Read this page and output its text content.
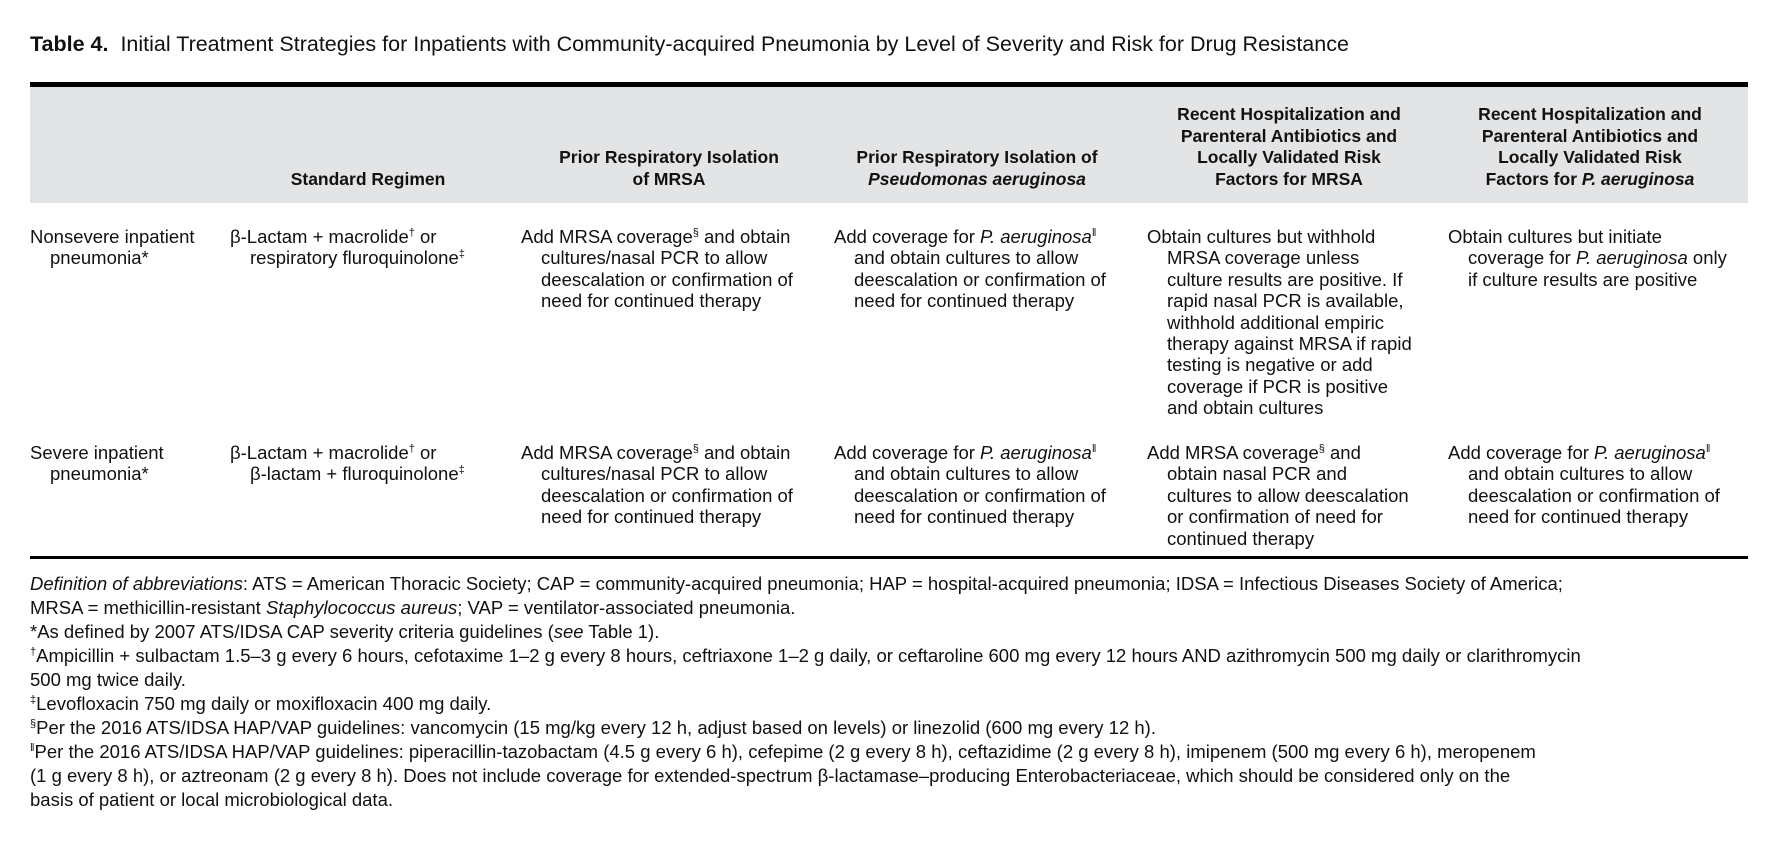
Table 4. Initial Treatment Strategies for Inpatients with Community-acquired Pneumonia by Level of Severity and Risk for Drug Resistance
Standard Regimen
Prior Respiratory Isolation
of MRSA
Prior Respiratory Isolation of
Pseudomonas aeruginosa
Recent Hospitalization and
Parenteral Antibiotics and
Locally Validated Risk
Factors for MRSA
Recent Hospitalization and
Parenteral Antibiotics and
Locally Validated Risk
Factors for P. aeruginosa
Nonsevere inpatient
pneumonia*
β-Lactam + macrolide† or
respiratory fluroquinolone‡
Add MRSA coverage§ and obtain
cultures/nasal PCR to allow
deescalation or confirmation of
need for continued therapy
Add coverage for P. aeruginosa‖
and obtain cultures to allow
deescalation or confirmation of
need for continued therapy
Obtain cultures but withhold
MRSA coverage unless
culture results are positive. If
rapid nasal PCR is available,
withhold additional empiric
therapy against MRSA if rapid
testing is negative or add
coverage if PCR is positive
and obtain cultures
Obtain cultures but initiate
coverage for P. aeruginosa only
if culture results are positive
Severe inpatient
pneumonia*
β-Lactam + macrolide† or
β-lactam + fluroquinolone‡
Add MRSA coverage§ and obtain
cultures/nasal PCR to allow
deescalation or confirmation of
need for continued therapy
Add coverage for P. aeruginosa‖
and obtain cultures to allow
deescalation or confirmation of
need for continued therapy
Add MRSA coverage§ and
obtain nasal PCR and
cultures to allow deescalation
or confirmation of need for
continued therapy
Add coverage for P. aeruginosa‖
and obtain cultures to allow
deescalation or confirmation of
need for continued therapy
Definition of abbreviations: ATS = American Thoracic Society; CAP = community-acquired pneumonia; HAP = hospital-acquired pneumonia; IDSA = Infectious Diseases Society of America;
MRSA = methicillin-resistant Staphylococcus aureus; VAP = ventilator-associated pneumonia.
*As defined by 2007 ATS/IDSA CAP severity criteria guidelines (see Table 1).
†Ampicillin + sulbactam 1.5–3 g every 6 hours, cefotaxime 1–2 g every 8 hours, ceftriaxone 1–2 g daily, or ceftaroline 600 mg every 12 hours AND azithromycin 500 mg daily or clarithromycin
500 mg twice daily.
‡Levofloxacin 750 mg daily or moxifloxacin 400 mg daily.
§Per the 2016 ATS/IDSA HAP/VAP guidelines: vancomycin (15 mg/kg every 12 h, adjust based on levels) or linezolid (600 mg every 12 h).
‖Per the 2016 ATS/IDSA HAP/VAP guidelines: piperacillin-tazobactam (4.5 g every 6 h), cefepime (2 g every 8 h), ceftazidime (2 g every 8 h), imipenem (500 mg every 6 h), meropenem
(1 g every 8 h), or aztreonam (2 g every 8 h). Does not include coverage for extended-spectrum β-lactamase–producing Enterobacteriaceae, which should be considered only on the
basis of patient or local microbiological data.
